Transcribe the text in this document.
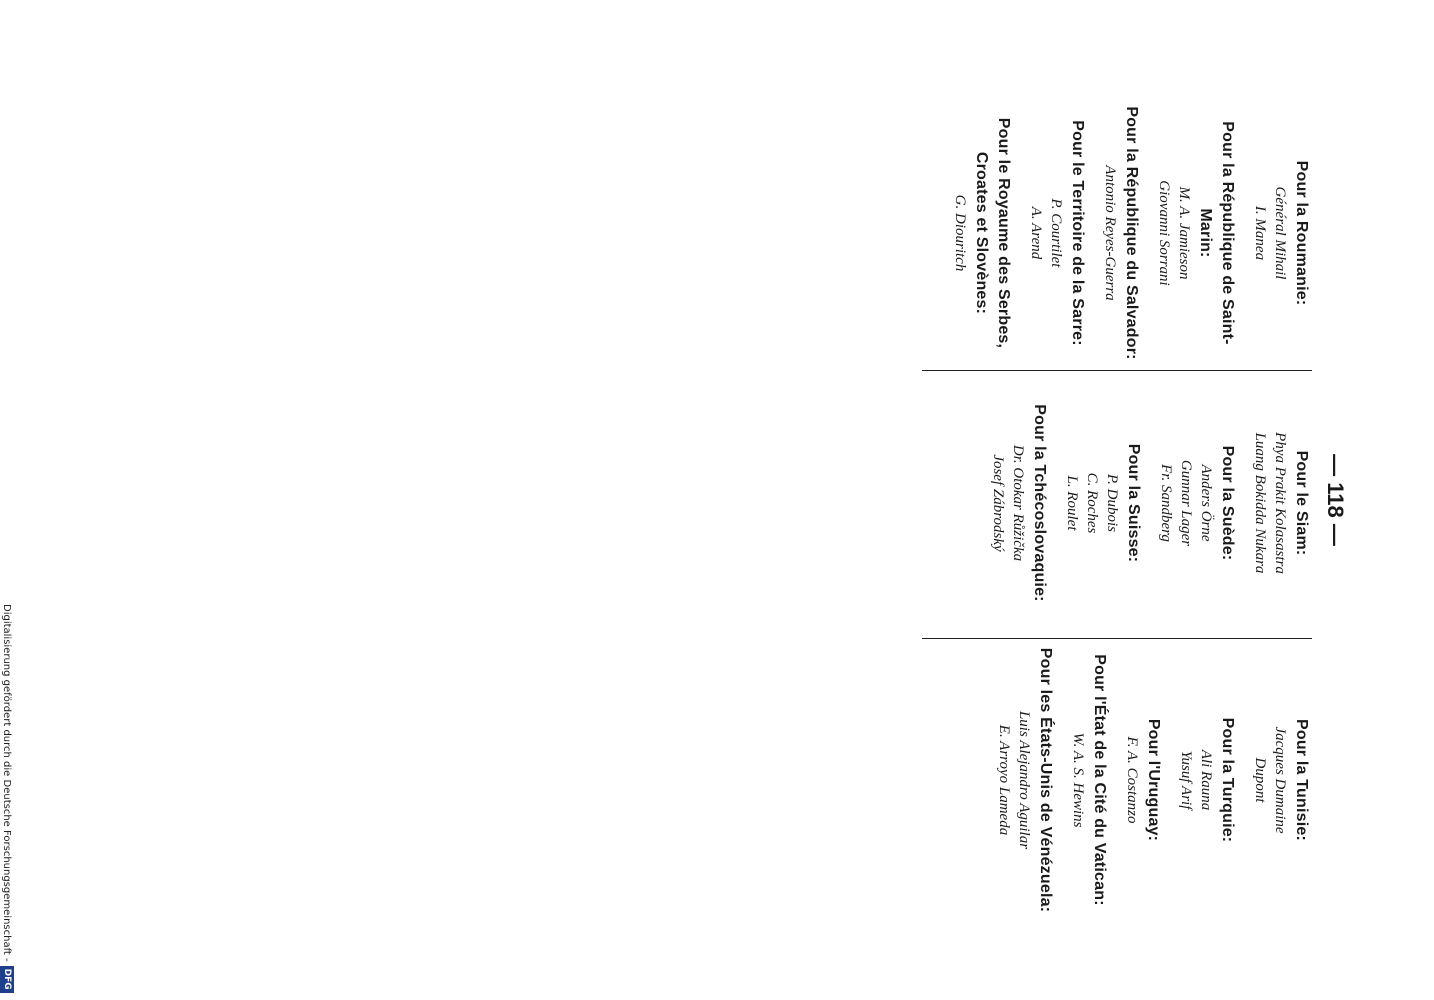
— 118 —

Pour la Roumanie:

Général Mihail

I. Manea

Pour la République de Saint-Marin:

M. A. Jamieson

Giovanni Sorrani

Pour la République du Salvador:

Antonio Reyes-Guerra

Pour le Territoire de la Sarre:

P. Courtilet

A. Arend

Pour le Royaume des Serbes, Croates et Slovènes:

G. Diouritch

Pour le Siam:

Phya Prakit Kolasastra

Luang Bokidda Nukara

Pour la Suède:

Anders Örne

Gunnar Lager

Fr. Sandberg

Pour la Suisse:

P. Dubois

C. Roches

L. Roulet

Pour la Tchécoslovaquie:

Dr. Otokar Růžička

Josef Zábrodský

Pour la Tunisie:

Jacques Dumaine

Dupont

Pour la Turquie:

Ali Rauna

Yusuf Arif

Pour l'Uruguay:

F. A. Costanzo

Pour l'État de la Cité du Vatican:

W. A. S. Hewins

Pour les États-Unis de Vénézuela:

Luis Alejandro Aguilar

E. Arroyo Lameda

Digitalisierung gefördert durch die Deutsche Forschungsgemeinschaft -
DFG
